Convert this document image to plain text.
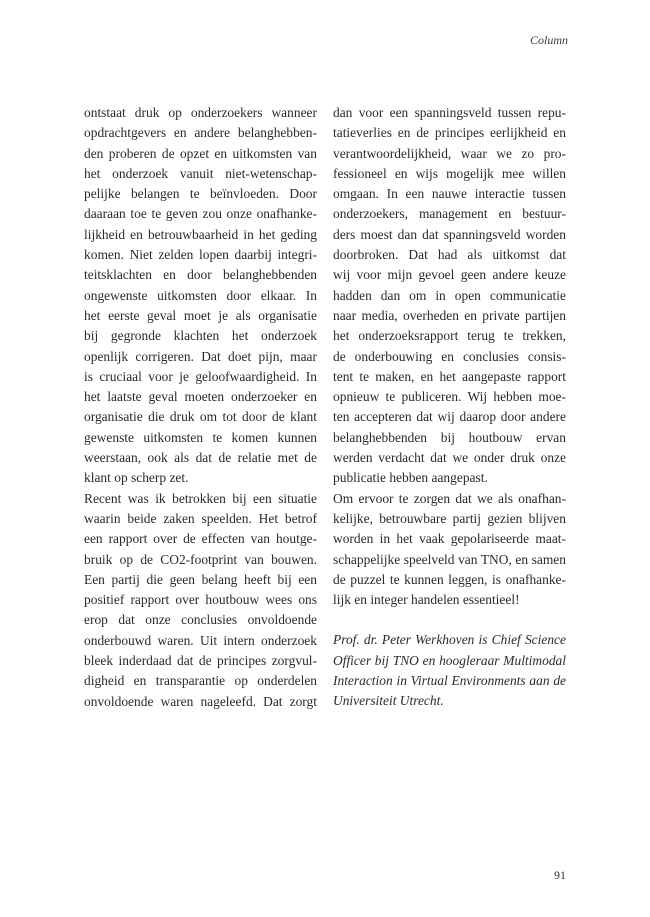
Column

ontstaat druk op onderzoekers wanneer
opdrachtgevers en andere belanghebben-
den proberen de opzet en uitkomsten van
het onderzoek vanuit niet-wetenschap-
pelijke belangen te beïnvloeden. Door
daaraan toe te geven zou onze onafhanke-
lijkheid en betrouwbaarheid in het geding
komen. Niet zelden lopen daarbij integri-
teitsklachten en door belanghebbenden
ongewenste uitkomsten door elkaar. In
het eerste geval moet je als organisatie
bij gegronde klachten het onderzoek
openlijk corrigeren. Dat doet pijn, maar
is cruciaal voor je geloofwaardigheid. In
het laatste geval moeten onderzoeker en
organisatie die druk om tot door de klant
gewenste uitkomsten te komen kunnen
weerstaan, ook als dat de relatie met de
klant op scherp zet.

Recent was ik betrokken bij een situatie
waarin beide zaken speelden. Het betrof
een rapport over de effecten van houtge-
bruik op de CO2-footprint van bouwen.
Een partij die geen belang heeft bij een
positief rapport over houtbouw wees ons
erop dat onze conclusies onvoldoende
onderbouwd waren. Uit intern onderzoek
bleek inderdaad dat de principes zorgvul-
digheid en transparantie op onderdelen
onvoldoende waren nageleefd. Dat zorgt

dan voor een spanningsveld tussen repu-
tatieverlies en de principes eerlijkheid en
verantwoordelijkheid, waar we zo pro-
fessioneel en wijs mogelijk mee willen
omgaan. In een nauwe interactie tussen
onderzoekers, management en bestuur-
ders moest dan dat spanningsveld worden
doorbroken. Dat had als uitkomst dat
wij voor mijn gevoel geen andere keuze
hadden dan om in open communicatie
naar media, overheden en private partijen
het onderzoeksrapport terug te trekken,
de onderbouwing en conclusies consis-
tent te maken, en het aangepaste rapport
opnieuw te publiceren. Wij hebben moe-
ten accepteren dat wij daarop door andere
belanghebbenden bij houtbouw ervan
werden verdacht dat we onder druk onze
publicatie hebben aangepast.

Om ervoor te zorgen dat we als onafhan-
kelijke, betrouwbare partij gezien blijven
worden in het vaak gepolariseerde maat-
schappelijke speelveld van TNO, en samen
de puzzel te kunnen leggen, is onafhanke-
lijk en integer handelen essentieel!

Prof. dr. Peter Werkhoven is Chief Science
Officer bij TNO en hoogleraar Multimodal
Interaction in Virtual Environments aan de
Universiteit Utrecht.

91
